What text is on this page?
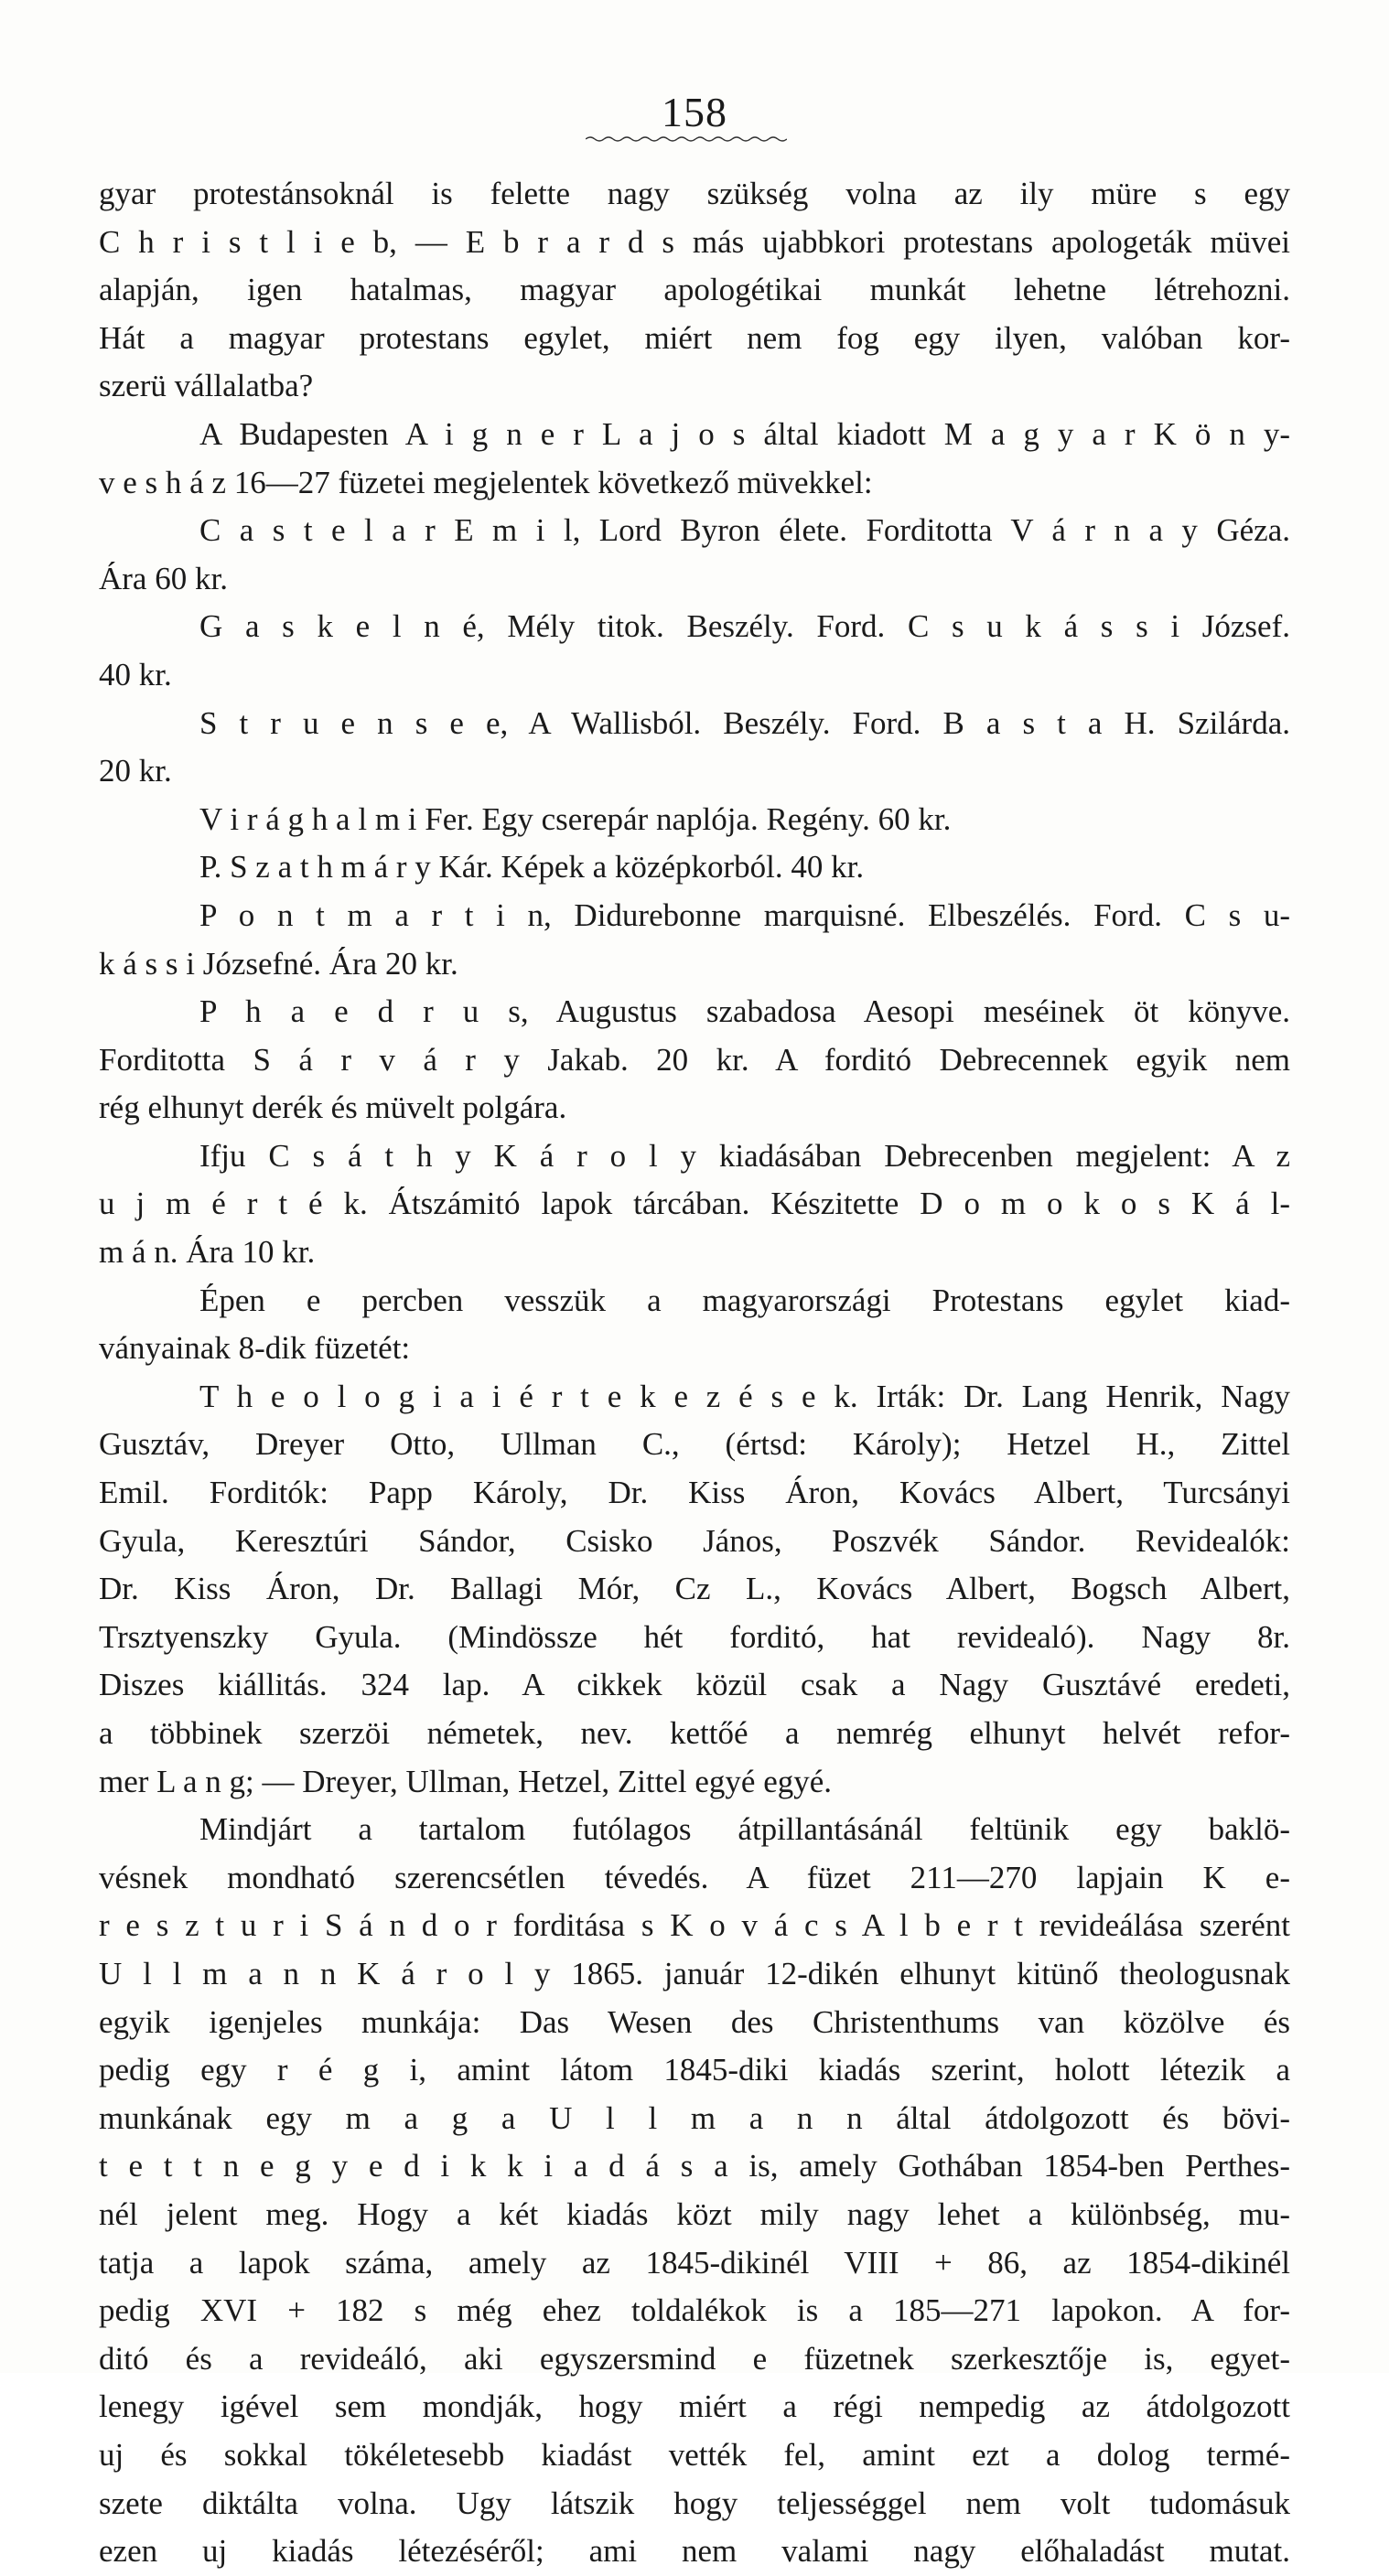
158
gyar protestánsoknál is felette nagy szükség volna az ily müre s egy
C h r i s t l i e b, — E b r a r d s más ujabbkori protestans apologeták müvei
alapján, igen hatalmas, magyar apologétikai munkát lehetne létrehozni.
Hát a magyar protestans egylet, miért nem fog egy ilyen, valóban kor-
szerü vállalatba?
A Budapesten A i g n e r L a j o s által kiadott M a g y a r K ö n y-
v e s h á z 16—27 füzetei megjelentek következő müvekkel:
C a s t e l a r E m i l, Lord Byron élete. Forditotta V á r n a y Géza.
Ára 60 kr.
G a s k e l n é, Mély titok. Beszély. Ford. C s u k á s s i József.
40 kr.
S t r u e n s e e, A Wallisból. Beszély. Ford. B a s t a H. Szilárda.
20 kr.
V i r á g h a l m i Fer. Egy cserepár naplója. Regény. 60 kr.
P. S z a t h m á r y Kár. Képek a középkorból. 40 kr.
P o n t m a r t i n, Didurebonne marquisné. Elbeszélés. Ford. C s u-
k á s s i Józsefné. Ára 20 kr.
P h a e d r u s, Augustus szabadosa Aesopi meséinek öt könyve.
Forditotta S á r v á r y Jakab. 20 kr. A forditó Debrecennek egyik nem
rég elhunyt derék és müvelt polgára.
Ifju C s á t h y K á r o l y kiadásában Debrecenben megjelent: A z
u j m é r t é k. Átszámitó lapok tárcában. Készitette D o m o k o s K á l-
m á n. Ára 10 kr.
Épen e percben vesszük a magyarországi Protestans egylet kiad-
ványainak 8-dik füzetét:
T h e o l o g i a i é r t e k e z é s e k. Irták: Dr. Lang Henrik, Nagy
Gusztáv, Dreyer Otto, Ullman C., (értsd: Károly); Hetzel H., Zittel
Emil. Forditók: Papp Károly, Dr. Kiss Áron, Kovács Albert, Turcsányi
Gyula, Keresztúri Sándor, Csisko János, Poszvék Sándor. Revidealók:
Dr. Kiss Áron, Dr. Ballagi Mór, Cz L., Kovács Albert, Bogsch Albert,
Trsztyenszky Gyula. (Mindössze hét forditó, hat revidealó). Nagy 8r.
Diszes kiállitás. 324 lap. A cikkek közül csak a Nagy Gusztávé eredeti,
a többinek szerzöi németek, nev. kettőé a nemrég elhunyt helvét refor-
mer L a n g; — Dreyer, Ullman, Hetzel, Zittel egyé egyé.
Mindjárt a tartalom futólagos átpillantásánál feltünik egy baklö-
vésnek mondható szerencsétlen tévedés. A füzet 211—270 lapjain K e-
r e s z t u r i S á n d o r forditása s K o v á c s A l b e r t revideálása szerént
U l l m a n n K á r o l y 1865. január 12-dikén elhunyt kitünő theologusnak
egyik igenjeles munkája: Das Wesen des Christenthums van közölve és
pedig egy r é g i, amint látom 1845-diki kiadás szerint, holott létezik a
munkának egy m a g a U l l m a n n által átdolgozott és bövi-
t e t t n e g y e d i k k i a d á s a is, amely Gothában 1854-ben Perthes-
nél jelent meg. Hogy a két kiadás közt mily nagy lehet a különbség, mu-
tatja a lapok száma, amely az 1845-dikinél VIII + 86, az 1854-dikinél
pedig XVI + 182 s még ehez toldalékok is a 185—271 lapokon. A for-
ditó és a revideáló, aki egyszersmind e füzetnek szerkesztője is, egyet-
lenegy igével sem mondják, hogy miért a régi nempedig az átdolgozott
uj és sokkal tökéletesebb kiadást vették fel, amint ezt a dolog termé-
szete diktálta volna. Ugy látszik hogy teljességgel nem volt tudomásuk
ezen uj kiadás létezéséről; ami nem valami nagy előhaladást mutat.
